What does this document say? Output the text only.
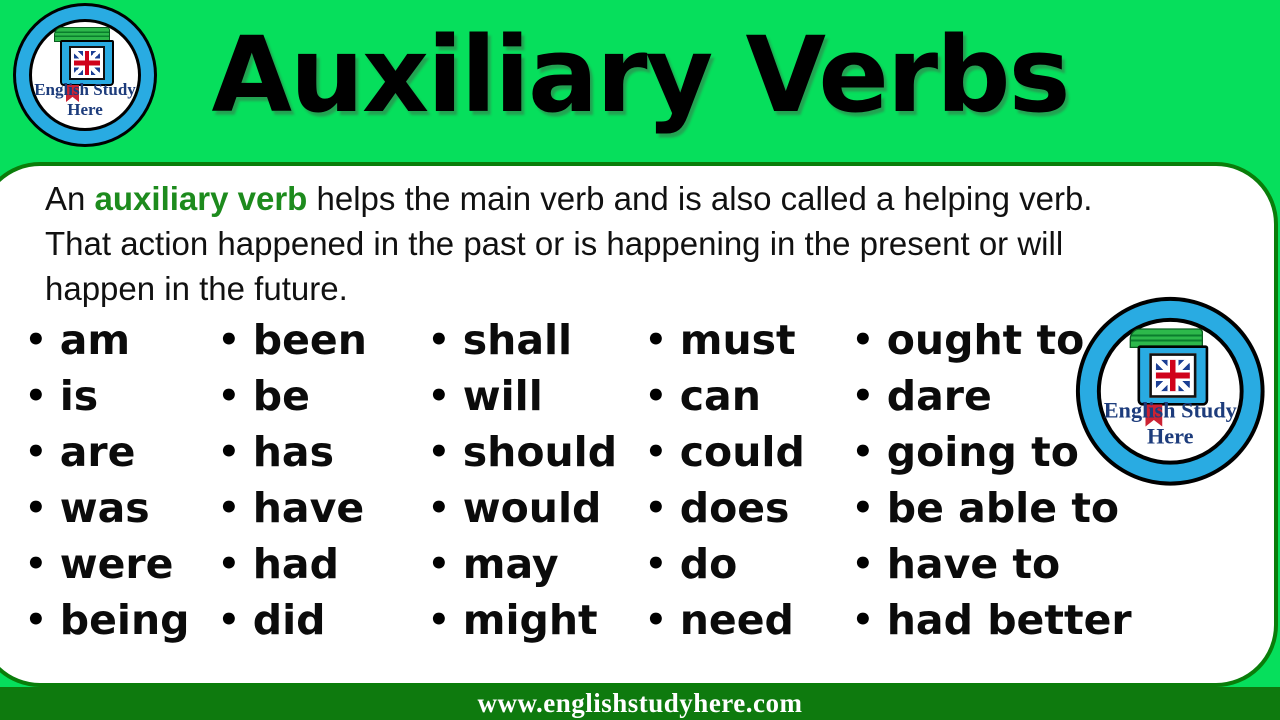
Auxiliary Verbs
An auxiliary verb helps the main verb and is also called a helping verb.
That action happened in the past or is happening in the present or will
happen in the future.
• am
• is
• are
• was
• were
• being
• been
• be
• has
• have
• had
• did
• shall
• will
• should
• would
• may
• might
• must
• can
• could
• does
• do
• need
• ought to
• dare
• going to
• be able to
• have to
• had better
English Study
Here
English Study
Here
www.englishstudyhere.com
